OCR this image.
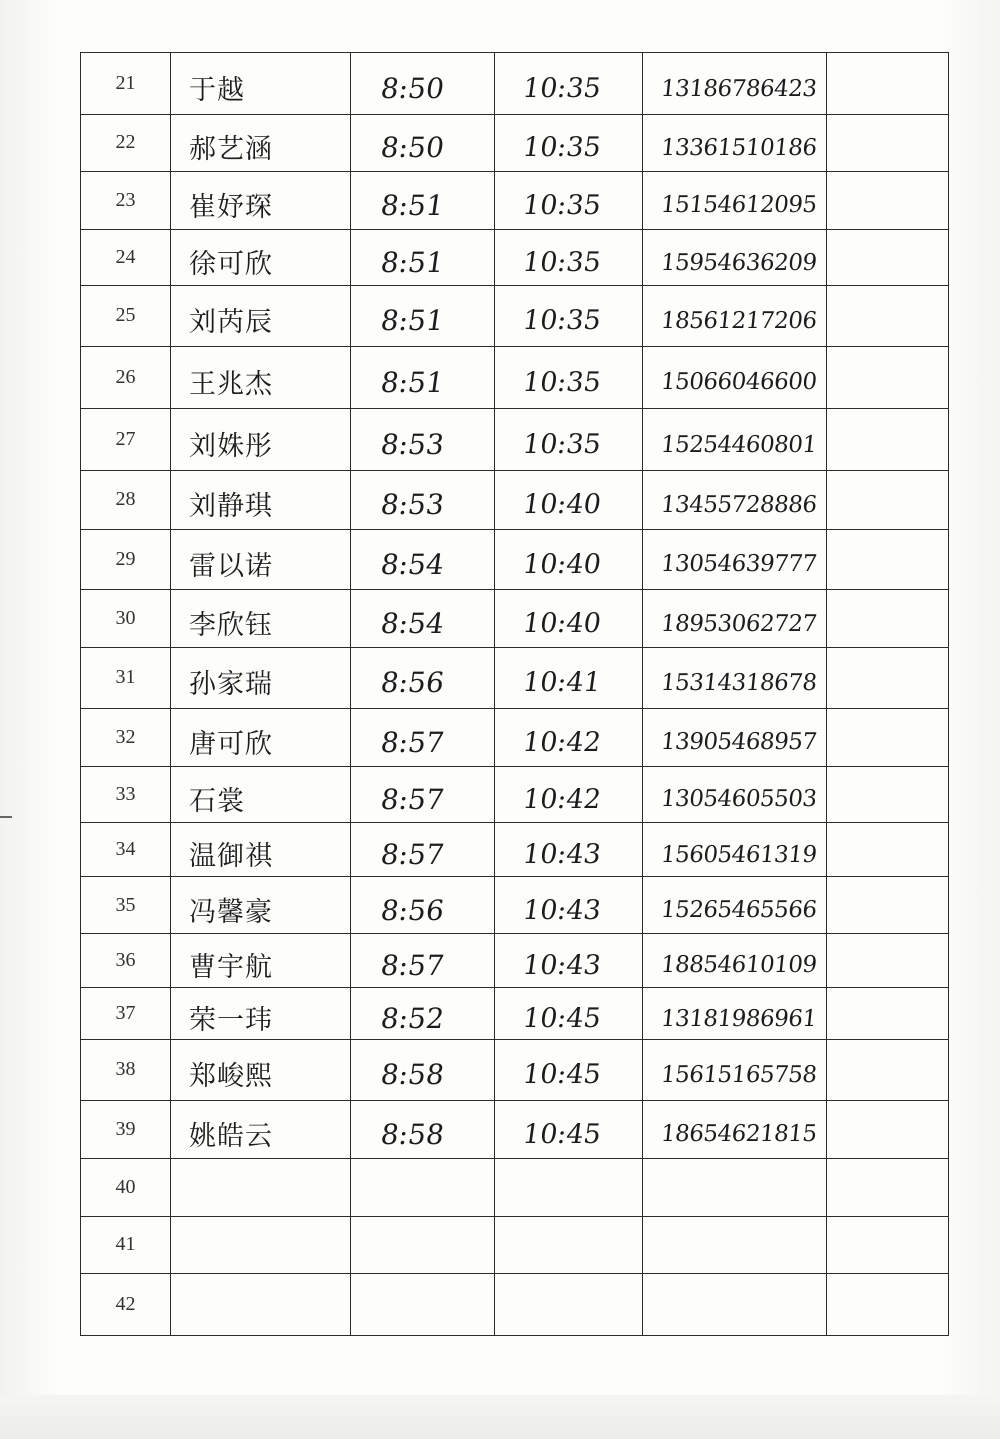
21	于越	8:50	10:35	13186786423	

22	郝艺涵	8:50	10:35	13361510186	

23	崔妤琛	8:51	10:35	15154612095	

24	徐可欣	8:51	10:35	15954636209	

25	刘芮辰	8:51	10:35	18561217206	

26	王兆杰	8:51	10:35	15066046600	

27	刘姝彤	8:53	10:35	15254460801	

28	刘静琪	8:53	10:40	13455728886	

29	雷以诺	8:54	10:40	13054639777	

30	李欣钰	8:54	10:40	18953062727	

31	孙家瑞	8:56	10:41	15314318678	

32	唐可欣	8:57	10:42	13905468957	

33	石裳	8:57	10:42	13054605503	

34	温御祺	8:57	10:43	15605461319	

35	冯馨豪	8:56	10:43	15265465566	

36	曹宇航	8:57	10:43	18854610109	

37	荣一玮	8:52	10:45	13181986961	

38	郑峻熙	8:58	10:45	15615165758	

39	姚皓云	8:58	10:45	18654621815	

40	

41	

42	
